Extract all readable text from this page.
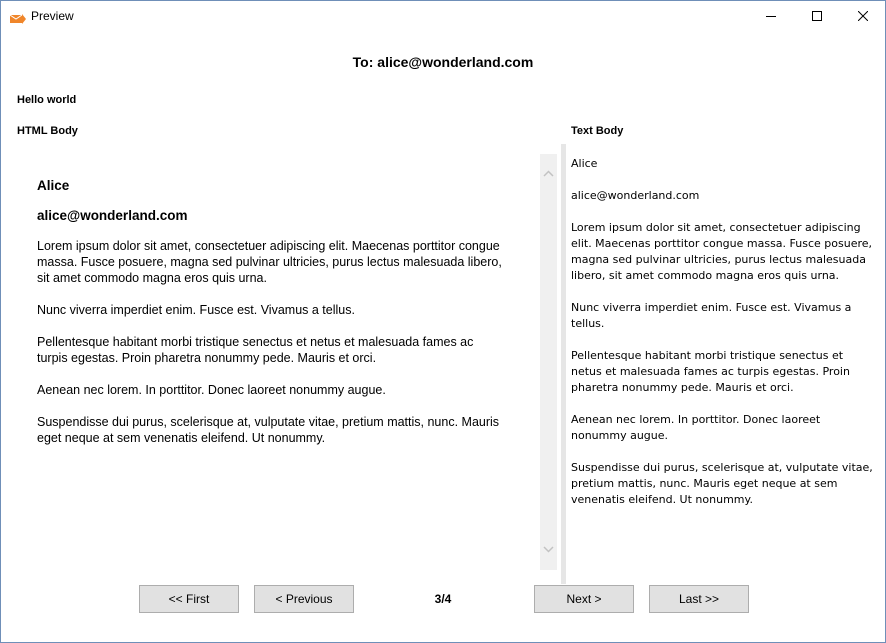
Preview
To: alice@wonderland.com
Hello world
HTML Body	Text Body
Alice
alice@wonderland.com

Lorem ipsum dolor sit amet, consectetuer adipiscing elit. Maecenas porttitor congue massa. Fusce posuere, magna sed pulvinar ultricies, purus lectus malesuada libero, sit amet commodo magna eros quis urna.

Nunc viverra imperdiet enim. Fusce est. Vivamus a tellus.

Pellentesque habitant morbi tristique senectus et netus et malesuada fames ac turpis egestas. Proin pharetra nonummy pede. Mauris et orci.

Aenean nec lorem. In porttitor. Donec laoreet nonummy augue.

Suspendisse dui purus, scelerisque at, vulputate vitae, pretium mattis, nunc. Mauris eget neque at sem venenatis eleifend. Ut nonummy.

Alice

alice@wonderland.com

Lorem ipsum dolor sit amet, consectetuer adipiscing elit. Maecenas porttitor congue massa. Fusce posuere, magna sed pulvinar ultricies, purus lectus malesuada libero, sit amet commodo magna eros quis urna.

Nunc viverra imperdiet enim. Fusce est. Vivamus a tellus.

Pellentesque habitant morbi tristique senectus et netus et malesuada fames ac turpis egestas. Proin pharetra nonummy pede. Mauris et orci.

Aenean nec lorem. In porttitor. Donec laoreet nonummy augue.

Suspendisse dui purus, scelerisque at, vulputate vitae, pretium mattis, nunc. Mauris eget neque at sem venenatis eleifend. Ut nonummy.

<< First	< Previous	3/4	Next >	Last >>
